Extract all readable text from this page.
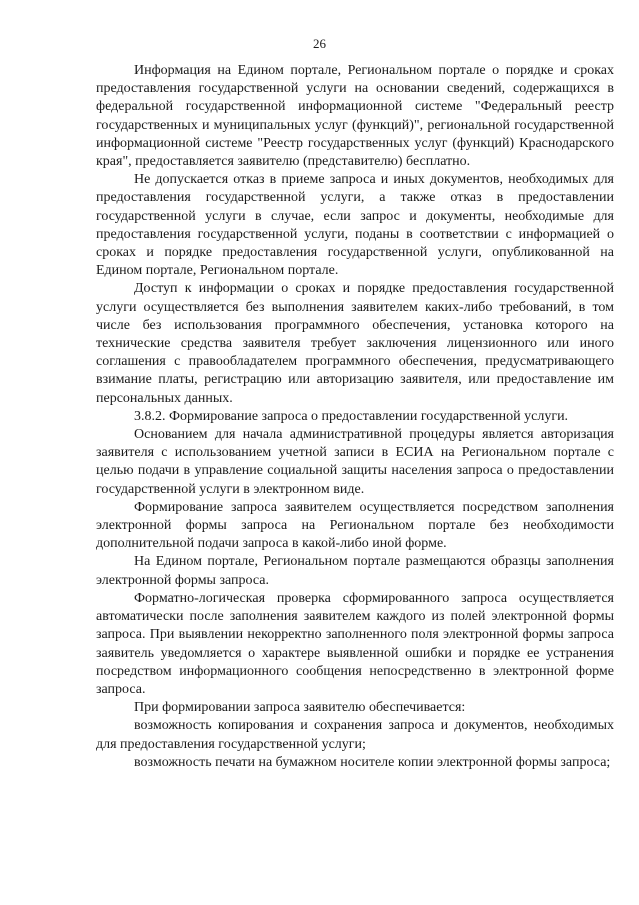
26

Информация на Едином портале, Региональном портале о порядке и сроках предоставления государственной услуги на основании сведений, содержащихся в федеральной государственной информационной системе "Федеральный реестр государственных и муниципальных услуг (функций)", региональной государственной информационной системе "Реестр государственных услуг (функций) Краснодарского края", предоставляется заявителю (представителю) бесплатно.

Не допускается отказ в приеме запроса и иных документов, необходимых для предоставления государственной услуги, а также отказ в предоставлении государственной услуги в случае, если запрос и документы, необходимые для предоставления государственной услуги, поданы в соответствии с информацией о сроках и порядке предоставления государственной услуги, опубликованной на Едином портале, Региональном портале.

Доступ к информации о сроках и порядке предоставления государственной услуги осуществляется без выполнения заявителем каких-либо требований, в том числе без использования программного обеспечения, установка которого на технические средства заявителя требует заключения лицензионного или иного соглашения с правообладателем программного обеспечения, предусматривающего взимание платы, регистрацию или авторизацию заявителя, или предоставление им персональных данных.

3.8.2. Формирование запроса о предоставлении государственной услуги.

Основанием для начала административной процедуры является авторизация заявителя с использованием учетной записи в ЕСИА на Региональном портале с целью подачи в управление социальной защиты населения запроса о предоставлении государственной услуги в электронном виде.

Формирование запроса заявителем осуществляется посредством заполнения электронной формы запроса на Региональном портале без необходимости дополнительной подачи запроса в какой-либо иной форме.

На Едином портале, Региональном портале размещаются образцы заполнения электронной формы запроса.

Форматно-логическая проверка сформированного запроса осуществляется автоматически после заполнения заявителем каждого из полей электронной формы запроса. При выявлении некорректно заполненного поля электронной формы запроса заявитель уведомляется о характере выявленной ошибки и порядке ее устранения посредством информационного сообщения непосредственно в электронной форме запроса.

При формировании запроса заявителю обеспечивается:

возможность копирования и сохранения запроса и документов, необходимых для предоставления государственной услуги;

возможность печати на бумажном носителе копии электронной формы запроса;
